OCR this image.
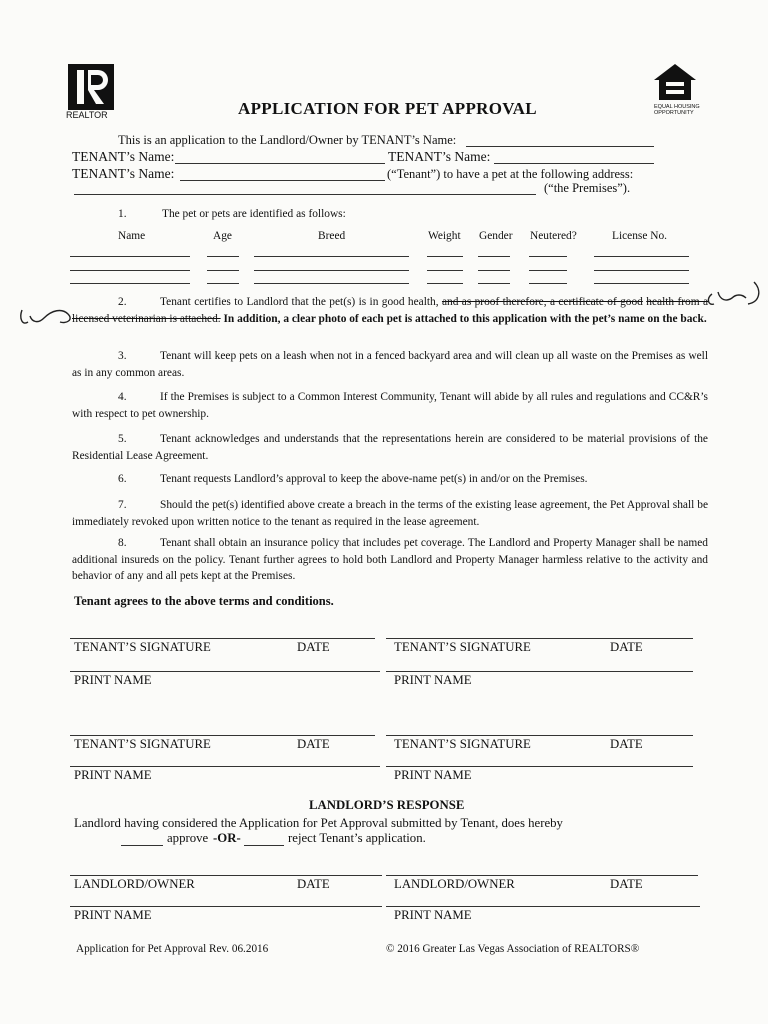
REALTOR	APPLICATION FOR PET APPROVAL	EQUAL HOUSING OPPORTUNITY
This is an application to the Landlord/Owner by TENANT’s Name:
TENANT’s Name:	TENANT’s Name:
TENANT’s Name:	(“Tenant”) to have a pet at the following address:
(“the Premises”).
1.	The pet or pets are identified as follows:
Name	Age	Breed	Weight Gender Neutered?	License No.
2.	Tenant certifies to Landlord that the pet(s) is in good health, and as proof therefore, a certificate of good health from a licensed veterinarian is attached. In addition, a clear photo of each pet is attached to this application with the pet’s name on the back.
3.	Tenant will keep pets on a leash when not in a fenced backyard area and will clean up all waste on the Premises as well as in any common areas.
4.	If the Premises is subject to a Common Interest Community, Tenant will abide by all rules and regulations and CC&R’s with respect to pet ownership.
5.	Tenant acknowledges and understands that the representations herein are considered to be material provisions of the Residential Lease Agreement.
6.	Tenant requests Landlord’s approval to keep the above-name pet(s) in and/or on the Premises.
7.	Should the pet(s) identified above create a breach in the terms of the existing lease agreement, the Pet Approval shall be immediately revoked upon written notice to the tenant as required in the lease agreement.
8.	Tenant shall obtain an insurance policy that includes pet coverage. The Landlord and Property Manager shall be named additional insureds on the policy. Tenant further agrees to hold both Landlord and Property Manager harmless relative to the activity and behavior of any and all pets kept at the Premises.
Tenant agrees to the above terms and conditions.
TENANT’S SIGNATURE	DATE	TENANT’S SIGNATURE	DATE
PRINT NAME	PRINT NAME
TENANT’S SIGNATURE	DATE	TENANT’S SIGNATURE	DATE
PRINT NAME	PRINT NAME
LANDLORD’S RESPONSE
Landlord having considered the Application for Pet Approval submitted by Tenant, does hereby
approve -OR-	reject Tenant’s application.
LANDLORD/OWNER	DATE	LANDLORD/OWNER	DATE
PRINT NAME	PRINT NAME
Application for Pet Approval Rev. 06.2016	© 2016 Greater Las Vegas Association of REALTORS®
